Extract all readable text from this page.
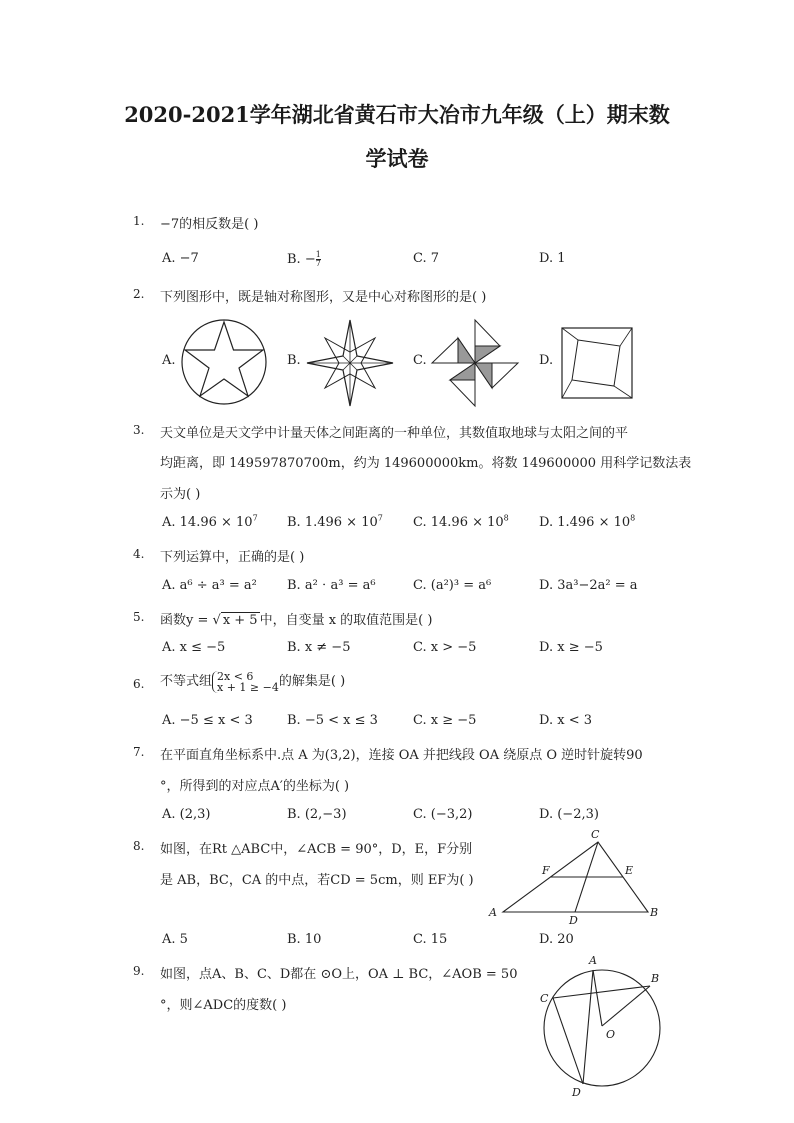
2020-2021学年湖北省黄石市大冶市九年级（上）期末数
学试卷
1. −7的相反数是( )
A. −7	B. − $\frac{1}{7}$	C. 7	D. 1
2. 下列图形中，既是轴对称图形，又是中心对称图形的是( )
A.	B.	C.	D.
3. 天文单位是天文学中计量天体之间距离的一种单位，其数值取地球与太阳之间的平
均距离，即 149597870700m，约为 149600000km。将数 149600000 用科学记数法表
示为( )
A. $14.96 \times 10^7$ B. $1.496 \times 10^7$ C. $14.96 \times 10^8$ D. $1.496 \times 10^8$
4. 下列运算中，正确的是( )
A. a⁶ ÷ a³ = a² B. a² ⋅ a³ = a⁶	C. (a²)³ = a⁶	D. 3a³−2a² = a
5. 函数y = √ x + 5 中，自变量 x 的取值范围是( )
A. x ≤ −5	B. x ≠ −5	C. x > −5	D. x ≥ −5
6. 不等式组 2x < 6
x + 1 ≥ −4 的解集是( )
A. −5 ≤ x < 3	B. −5 < x ≤ 3	C. x ≥ −5	D. x < 3
7. 在平面直角坐标系中.点 A 为(3,2)，连接 OA 并把线段 OA 绕原点 O 逆时针旋转90
°，所得到的对应点A′的坐标为( )
A. (2,3)	B. (2,−3)	C. (−3,2)	D. (−2,3)
8. 如图，在Rt △ABC中，∠ACB = 90°，D，E，F分别
是 AB，BC，CA 的中点，若CD = 5cm，则 EF为( )
A. 5	B. 10	C. 15	D. 20
C
F	E
A
D
B
9. 如图，点A、B、C、D都在 ⊙O上，OA ⊥ BC，∠AOB = 50
°，则∠ADC的度数( )
A
B
C
O
D
